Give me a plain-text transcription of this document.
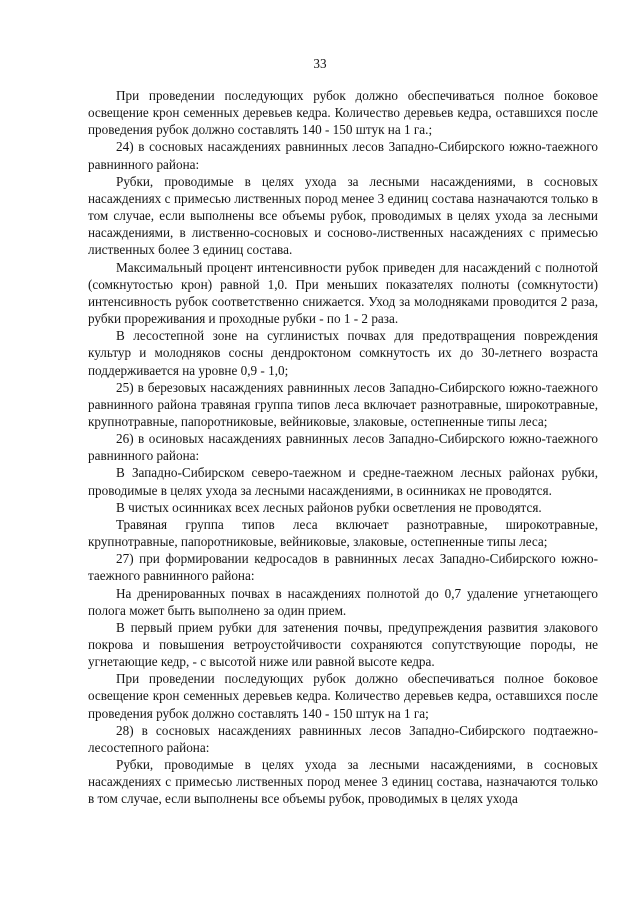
33

При проведении последующих рубок должно обеспечиваться полное боковое освещение крон семенных деревьев кедра. Количество деревьев кедра, оставшихся после проведения рубок должно составлять 140 - 150 штук на 1 га.;

24) в сосновых насаждениях равнинных лесов Западно-Сибирского южно-таежного равнинного района:

Рубки, проводимые в целях ухода за лесными насаждениями, в сосновых насаждениях с примесью лиственных пород менее 3 единиц состава назначаются только в том случае, если выполнены все объемы рубок, проводимых в целях ухода за лесными насаждениями, в лиственно-сосновых и сосново-лиственных насаждениях с примесью лиственных более 3 единиц состава.

Максимальный процент интенсивности рубок приведен для насаждений с полнотой (сомкнутостью крон) равной 1,0. При меньших показателях полноты (сомкнутости) интенсивность рубок соответственно снижается. Уход за молодняками проводится 2 раза, рубки прореживания и проходные рубки - по 1 - 2 раза.

В лесостепной зоне на суглинистых почвах для предотвращения повреждения культур и молодняков сосны дендроктоном сомкнутость их до 30-летнего возраста поддерживается на уровне 0,9 - 1,0;

25) в березовых насаждениях равнинных лесов Западно-Сибирского южно-таежного равнинного района травяная группа типов леса включает разнотравные, широкотравные, крупнотравные, папоротниковые, вейниковые, злаковые, остепненные типы леса;

26) в осиновых насаждениях равнинных лесов Западно-Сибирского южно-таежного равнинного района:

В Западно-Сибирском северо-таежном и средне-таежном лесных районах рубки, проводимые в целях ухода за лесными насаждениями, в осинниках не проводятся.

В чистых осинниках всех лесных районов рубки осветления не проводятся.

Травяная группа типов леса включает разнотравные, широкотравные, крупнотравные, папоротниковые, вейниковые, злаковые, остепненные типы леса;

27) при формировании кедросадов в равнинных лесах Западно-Сибирского южно-таежного равнинного района:

На дренированных почвах в насаждениях полнотой до 0,7 удаление угнетающего полога может быть выполнено за один прием.

В первый прием рубки для затенения почвы, предупреждения развития злакового покрова и повышения ветроустойчивости сохраняются сопутствующие породы, не угнетающие кедр, - с высотой ниже или равной высоте кедра.

При проведении последующих рубок должно обеспечиваться полное боковое освещение крон семенных деревьев кедра. Количество деревьев кедра, оставшихся после проведения рубок должно составлять 140 - 150 штук на 1 га;

28) в сосновых насаждениях равнинных лесов Западно-Сибирского подтаежно-лесостепного района:

Рубки, проводимые в целях ухода за лесными насаждениями, в сосновых насаждениях с примесью лиственных пород менее 3 единиц состава, назначаются только в том случае, если выполнены все объемы рубок, проводимых в целях ухода
